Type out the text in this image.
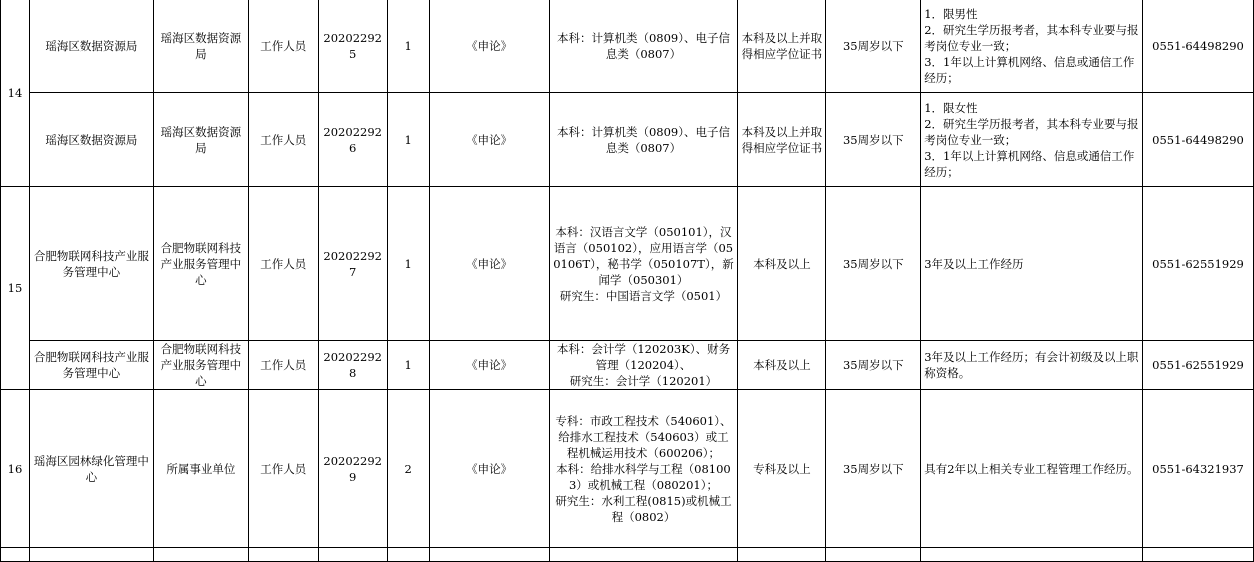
14	瑶海区数据资源局	瑶海区数据资源局	工作人员	202022925	1	《申论》	本科：计算机类（0809）、电子信息类（0807）	本科及以上并取得相应学位证书	35周岁以下	1．限男性
2．研究生学历报考者，其本科专业要与报考岗位专业一致；
3．1年以上计算机网络、信息或通信工作经历；	0551-64498290
	瑶海区数据资源局	瑶海区数据资源局	工作人员	202022926	1	《申论》	本科：计算机类（0809）、电子信息类（0807）	本科及以上并取得相应学位证书	35周岁以下	1．限女性
2．研究生学历报考者，其本科专业要与报考岗位专业一致；
3．1年以上计算机网络、信息或通信工作经历；	0551-64498290
15	合肥物联网科技产业服务管理中心	合肥物联网科技产业服务管理中心	工作人员	202022927	1	《申论》	本科：汉语言文学（050101），汉语言（050102），应用语言学（050106T），秘书学（050107T），新闻学（050301）
研究生：中国语言文学（0501）	本科及以上	35周岁以下	3年及以上工作经历	0551-62551929
	合肥物联网科技产业服务管理中心	合肥物联网科技产业服务管理中心	工作人员	202022928	1	《申论》	本科：会计学（120203K）、财务管理（120204）、
研究生：会计学（120201）	本科及以上	35周岁以下	3年及以上工作经历；有会计初级及以上职称资格。	0551-62551929
16	瑶海区园林绿化管理中心	所属事业单位	工作人员	202022929	2	《申论》	专科：市政工程技术（540601）、给排水工程技术（540603）或工程机械运用技术（600206）；
本科：给排水科学与工程（081003）或机械工程（080201）；
研究生：水利工程(0815)或机械工程（0802）	专科及以上	35周岁以下	具有2年以上相关专业工程管理工作经历。	0551-64321937
